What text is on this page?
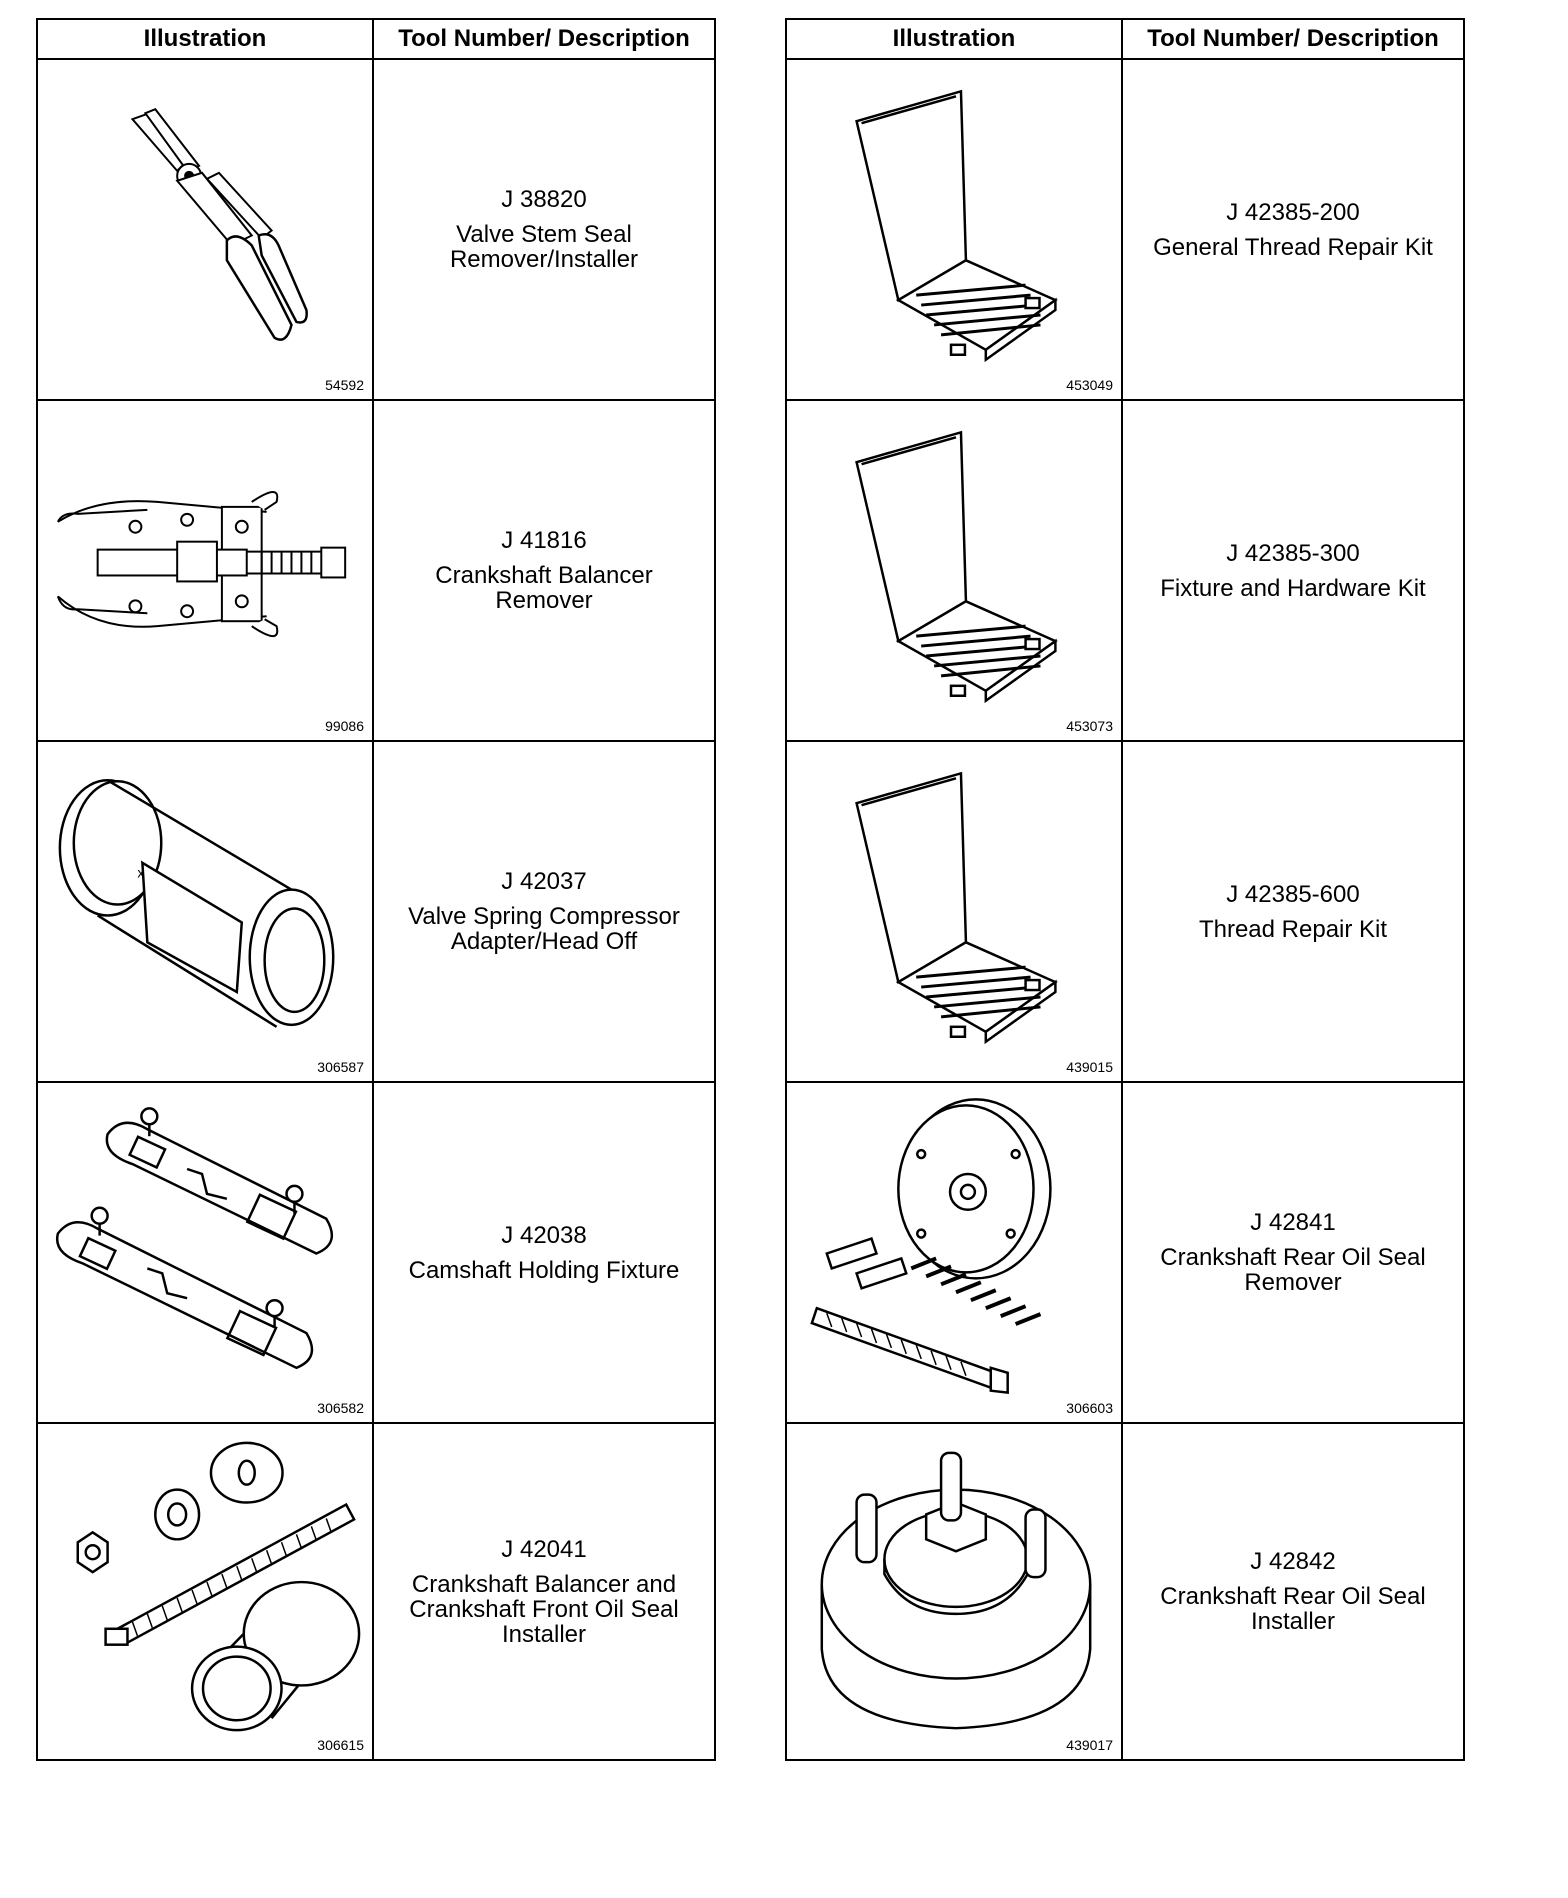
Illustration	Tool Number/ Description
54592
J 38820
Valve Stem Seal
Remover/Installer
99086
J 41816
Crankshaft Balancer
Remover
x
306587
J 42037
Valve Spring Compressor
Adapter/Head Off
306582
J 42038
Camshaft Holding Fixture
306615
J 42041
Crankshaft Balancer and
Crankshaft Front Oil Seal
Installer
Illustration	Tool Number/ Description
453049
J 42385-200
General Thread Repair Kit
453073
J 42385-300
Fixture and Hardware Kit
439015
J 42385-600
Thread Repair Kit
306603
J 42841
Crankshaft Rear Oil Seal
Remover
439017
J 42842
Crankshaft Rear Oil Seal
Installer
